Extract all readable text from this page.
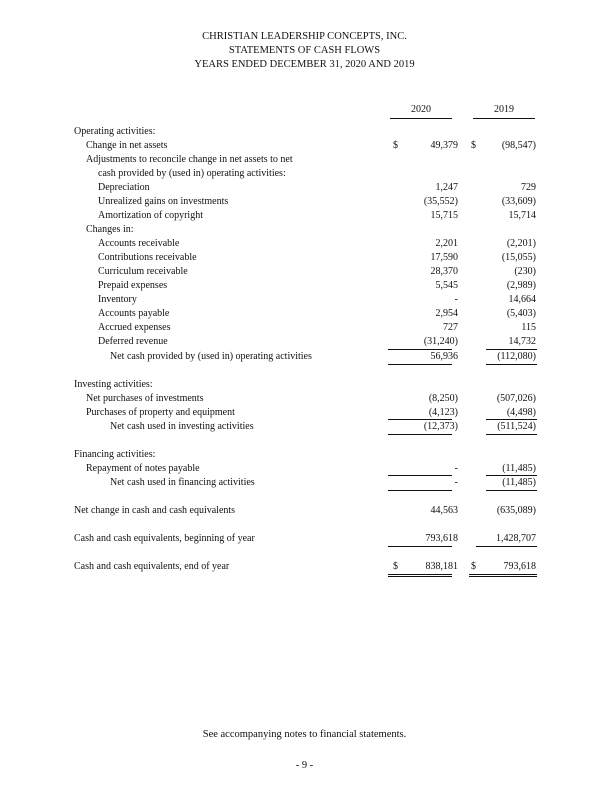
CHRISTIAN LEADERSHIP CONCEPTS, INC.
STATEMENTS OF CASH FLOWS
YEARS ENDED DECEMBER 31, 2020 AND 2019
2020	2019
Operating activities:
Change in net assets	$	49,379 $	(98,547)
Adjustments to reconcile change in net assets to net
cash provided by (used in) operating activities:
Depreciation	1,247	729
Unrealized gains on investments	(35,552)	(33,609)
Amortization of copyright	15,715	15,714
Changes in:
Accounts receivable	2,201	(2,201)
Contributions receivable	17,590	(15,055)
Curriculum receivable	28,370	(230)
Prepaid expenses	5,545	(2,989)
Inventory	-	14,664
Accounts payable	2,954	(5,403)
Accrued expenses	727	115
Deferred revenue	(31,240)	14,732
Net cash provided by (used in) operating activities	56,936	(112,080)
Investing activities:
Net purchases of investments	(8,250)	(507,026)
Purchases of property and equipment	(4,123)	(4,498)
Net cash used in investing activities	(12,373)	(511,524)
Financing activities:
Repayment of notes payable	-	(11,485)
Net cash used in financing activities	-	(11,485)
Net change in cash and cash equivalents	44,563	(635,089)
Cash and cash equivalents, beginning of year	793,618	1,428,707
Cash and cash equivalents, end of year	$	838,181 $	793,618
See accompanying notes to financial statements.
- 9 -
